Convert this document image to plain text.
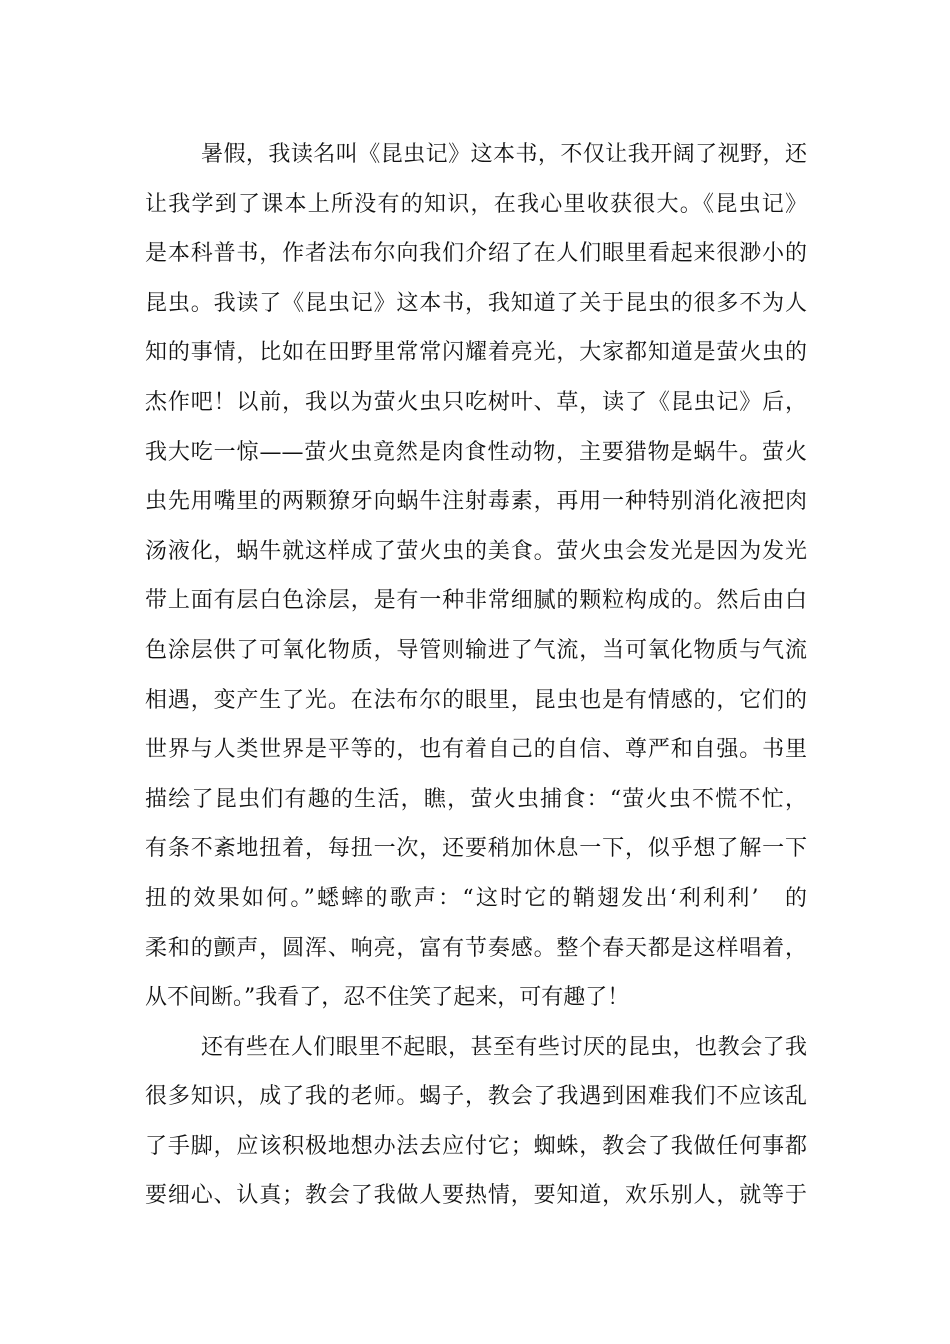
暑假，我读名叫《昆虫记》这本书，不仅让我开阔了视野，还
让我学到了课本上所没有的知识，在我心里收获很大。《昆虫记》
是本科普书，作者法布尔向我们介绍了在人们眼里看起来很渺小的
昆虫。我读了《昆虫记》这本书，我知道了关于昆虫的很多不为人
知的事情，比如在田野里常常闪耀着亮光，大家都知道是萤火虫的
杰作吧！以前，我以为萤火虫只吃树叶、草，读了《昆虫记》后，
我大吃一惊——萤火虫竟然是肉食性动物，主要猎物是蜗牛。萤火
虫先用嘴里的两颗獠牙向蜗牛注射毒素，再用一种特别消化液把肉
汤液化，蜗牛就这样成了萤火虫的美食。萤火虫会发光是因为发光
带上面有层白色涂层，是有一种非常细腻的颗粒构成的。然后由白
色涂层供了可氧化物质，导管则输进了气流，当可氧化物质与气流
相遇，变产生了光。在法布尔的眼里，昆虫也是有情感的，它们的
世界与人类世界是平等的，也有着自己的自信、尊严和自强。书里
描绘了昆虫们有趣的生活，瞧，萤火虫捕食：“萤火虫不慌不忙，
有条不紊地扭着，每扭一次，还要稍加休息一下，似乎想了解一下
扭的效果如何。”蟋蟀的歌声：“这时它的鞘翅发出‘利利利’　的
柔和的颤声，圆浑、响亮，富有节奏感。整个春天都是这样唱着，
从不间断。”我看了，忍不住笑了起来，可有趣了！
还有些在人们眼里不起眼，甚至有些讨厌的昆虫，也教会了我
很多知识，成了我的老师。蝎子，教会了我遇到困难我们不应该乱
了手脚，应该积极地想办法去应付它；蜘蛛，教会了我做任何事都
要细心、认真；教会了我做人要热情，要知道，欢乐别人，就等于
